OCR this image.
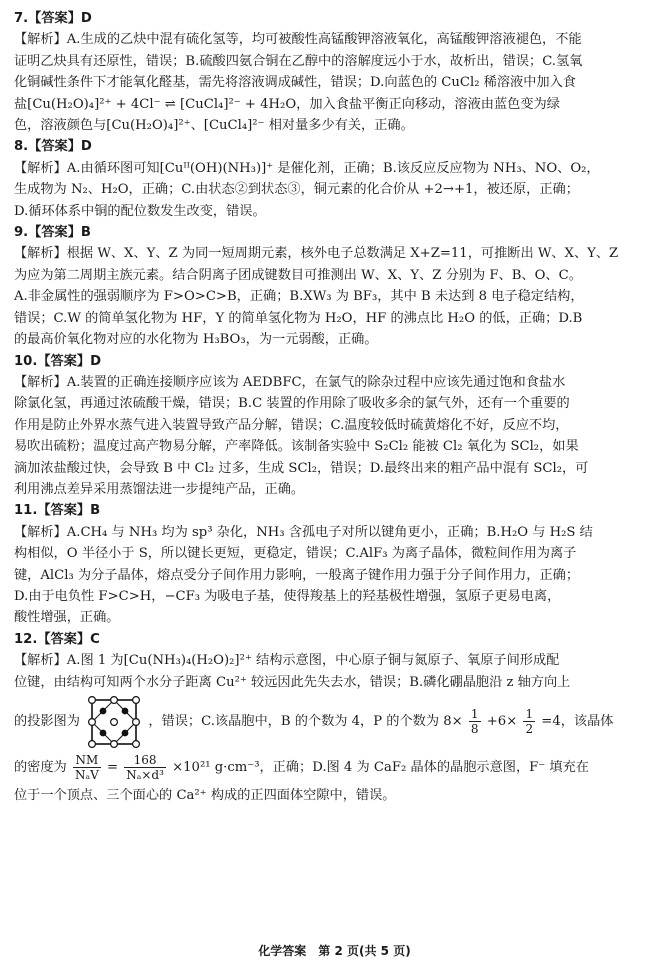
7.【答案】D
【解析】A.生成的乙炔中混有硫化氢等，均可被酸性高锰酸钾溶液氧化，高锰酸钾溶液褪色，不能
证明乙炔具有还原性，错误；B.硫酸四氨合铜在乙醇中的溶解度远小于水，故析出，错误；C.氢氧
化铜碱性条件下才能氧化醛基，需先将溶液调成碱性，错误；D.向蓝色的 CuCl₂ 稀溶液中加入食
盐[Cu(H₂O)₄]²⁺ + 4Cl⁻ ⇌ [CuCl₄]²⁻ + 4H₂O，加入食盐平衡正向移动，溶液由蓝色变为绿
色，溶液颜色与[Cu(H₂O)₄]²⁺、[CuCl₄]²⁻ 相对量多少有关，正确。
8.【答案】D
【解析】A.由循环图可知[Cuᴵᴵ(OH)(NH₃)]⁺ 是催化剂，正确；B.该反应反应物为 NH₃、NO、O₂，
生成物为 N₂、H₂O，正确；C.由状态②到状态③，铜元素的化合价从 +2→+1，被还原，正确；
D.循环体系中铜的配位数发生改变，错误。
9.【答案】B
【解析】根据 W、X、Y、Z 为同一短周期元素，核外电子总数满足 X+Z=11，可推断出 W、X、Y、Z
为应为第二周期主族元素。结合阴离子团成键数目可推测出 W、X、Y、Z 分别为 F、B、O、C。
A.非金属性的强弱顺序为 F>O>C>B，正确；B.XW₃ 为 BF₃，其中 B 未达到 8 电子稳定结构，
错误；C.W 的简单氢化物为 HF，Y 的简单氢化物为 H₂O，HF 的沸点比 H₂O 的低，正确；D.B
的最高价氧化物对应的水化物为 H₃BO₃，为一元弱酸，正确。
10.【答案】D
【解析】A.装置的正确连接顺序应该为 AEDBFC，在氯气的除杂过程中应该先通过饱和食盐水
除氯化氢，再通过浓硫酸干燥，错误；B.C 装置的作用除了吸收多余的氯气外，还有一个重要的
作用是防止外界水蒸气进入装置导致产品分解，错误；C.温度较低时硫黄熔化不好，反应不均，
易吹出硫粉；温度过高产物易分解，产率降低。该制备实验中 S₂Cl₂ 能被 Cl₂ 氧化为 SCl₂，如果
滴加浓盐酸过快，会导致 B 中 Cl₂ 过多，生成 SCl₂，错误；D.最终出来的粗产品中混有 SCl₂，可
利用沸点差异采用蒸馏法进一步提纯产品，正确。
11.【答案】B
【解析】A.CH₄ 与 NH₃ 均为 sp³ 杂化，NH₃ 含孤电子对所以键角更小，正确；B.H₂O 与 H₂S 结
构相似，O 半径小于 S，所以键长更短，更稳定，错误；C.AlF₃ 为离子晶体，微粒间作用为离子
键，AlCl₃ 为分子晶体，熔点受分子间作用力影响，一般离子键作用力强于分子间作用力，正确；
D.由于电负性 F>C>H，−CF₃ 为吸电子基，使得羧基上的羟基极性增强，氢原子更易电离，
酸性增强，正确。
12.【答案】C
【解析】A.图 1 为[Cu(NH₃)₄(H₂O)₂]²⁺ 结构示意图，中心原子铜与氮原子、氧原子间形成配
位键，由结构可知两个水分子距离 Cu²⁺ 较远因此先失去水，错误；B.磷化硼晶胞沿 z 轴方向上
的投影图为	，错误；C.该晶胞中，B 的个数为 4，P 的个数为 $8\times \frac{1}{8} +6\times \frac{1}{2} =4$，该晶体
的密度为 $\frac{NM}{\text{NₐV}} = \frac{168}{\text{Nₐ×d³}} \times 10^{21}$ g·cm⁻³，正确；D.图 4 为 CaF₂ 晶体的晶胞示意图，F⁻ 填充在
位于一个顶点、三个面心的 Ca²⁺ 构成的正四面体空隙中，错误。
化学答案　第 2 页(共 5 页)
